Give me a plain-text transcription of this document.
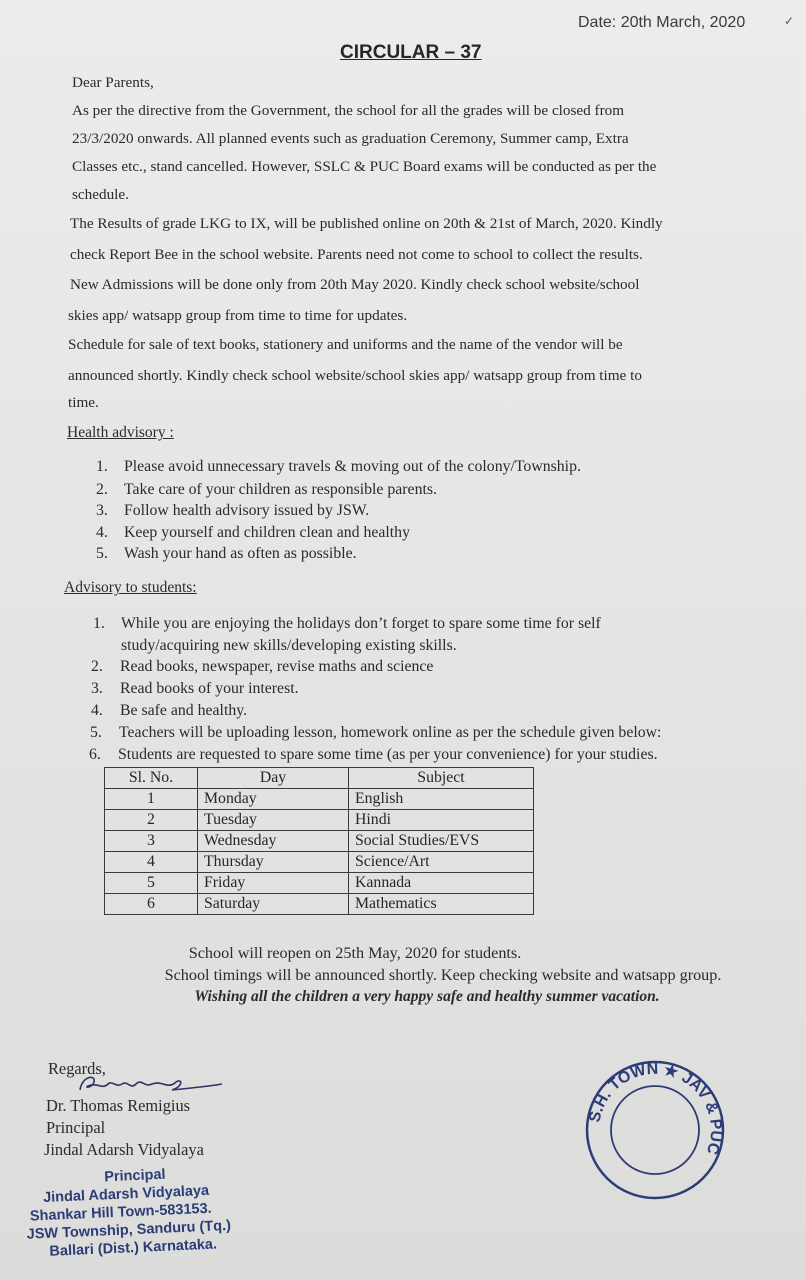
✓
Date: 20th March, 2020
CIRCULAR – 37
Dear Parents,
As per the directive from the Government, the school for all the grades will be closed from
23/3/2020 onwards. All planned events such as graduation Ceremony, Summer camp, Extra
Classes etc., stand cancelled. However, SSLC & PUC Board exams will be conducted as per the
schedule.
The Results of grade LKG to IX, will be published online on 20th & 21st of March, 2020. Kindly
check Report Bee in the school website. Parents need not come to school to collect the results.
New Admissions will be done only from 20th May 2020. Kindly check school website/school
skies app/ watsapp group from time to time for updates.
Schedule for sale of text books, stationery and uniforms and the name of the vendor will be
announced shortly. Kindly check school website/school skies app/ watsapp group from time to
time.
Health advisory :
1. Please avoid unnecessary travels & moving out of the colony/Township.
2. Take care of your children as responsible parents.
3. Follow health advisory issued by JSW.
4. Keep yourself and children clean and healthy
5. Wash your hand as often as possible.
Advisory to students:
1. While you are enjoying the holidays don’t forget to spare some time for self
study/acquiring new skills/developing existing skills.
2. Read books, newspaper, revise maths and science
3. Read books of your interest.
4. Be safe and healthy.
5. Teachers will be uploading lesson, homework online as per the schedule given below:
6. Students are requested to spare some time (as per your convenience) for your studies.
Sl. No.	Day	Subject
1	Monday	English
2	Tuesday	Hindi
3	Wednesday	Social Studies/EVS
4	Thursday	Science/Art
5	Friday	Kannada
6	Saturday	Mathematics
School will reopen on 25th May, 2020 for students.
School timings will be announced shortly. Keep checking website and watsapp group.
Wishing all the children a very happy safe and healthy summer vacation.
Regards,
Dr. Thomas Remigius
Principal
Jindal Adarsh Vidyalaya
Principal
Jindal Adarsh Vidyalaya
Shankar Hill Town-583153.
JSW Township, Sanduru (Tq.)
Ballari (Dist.) Karnataka.
S.H. TOWN ★ JAV & PUC
